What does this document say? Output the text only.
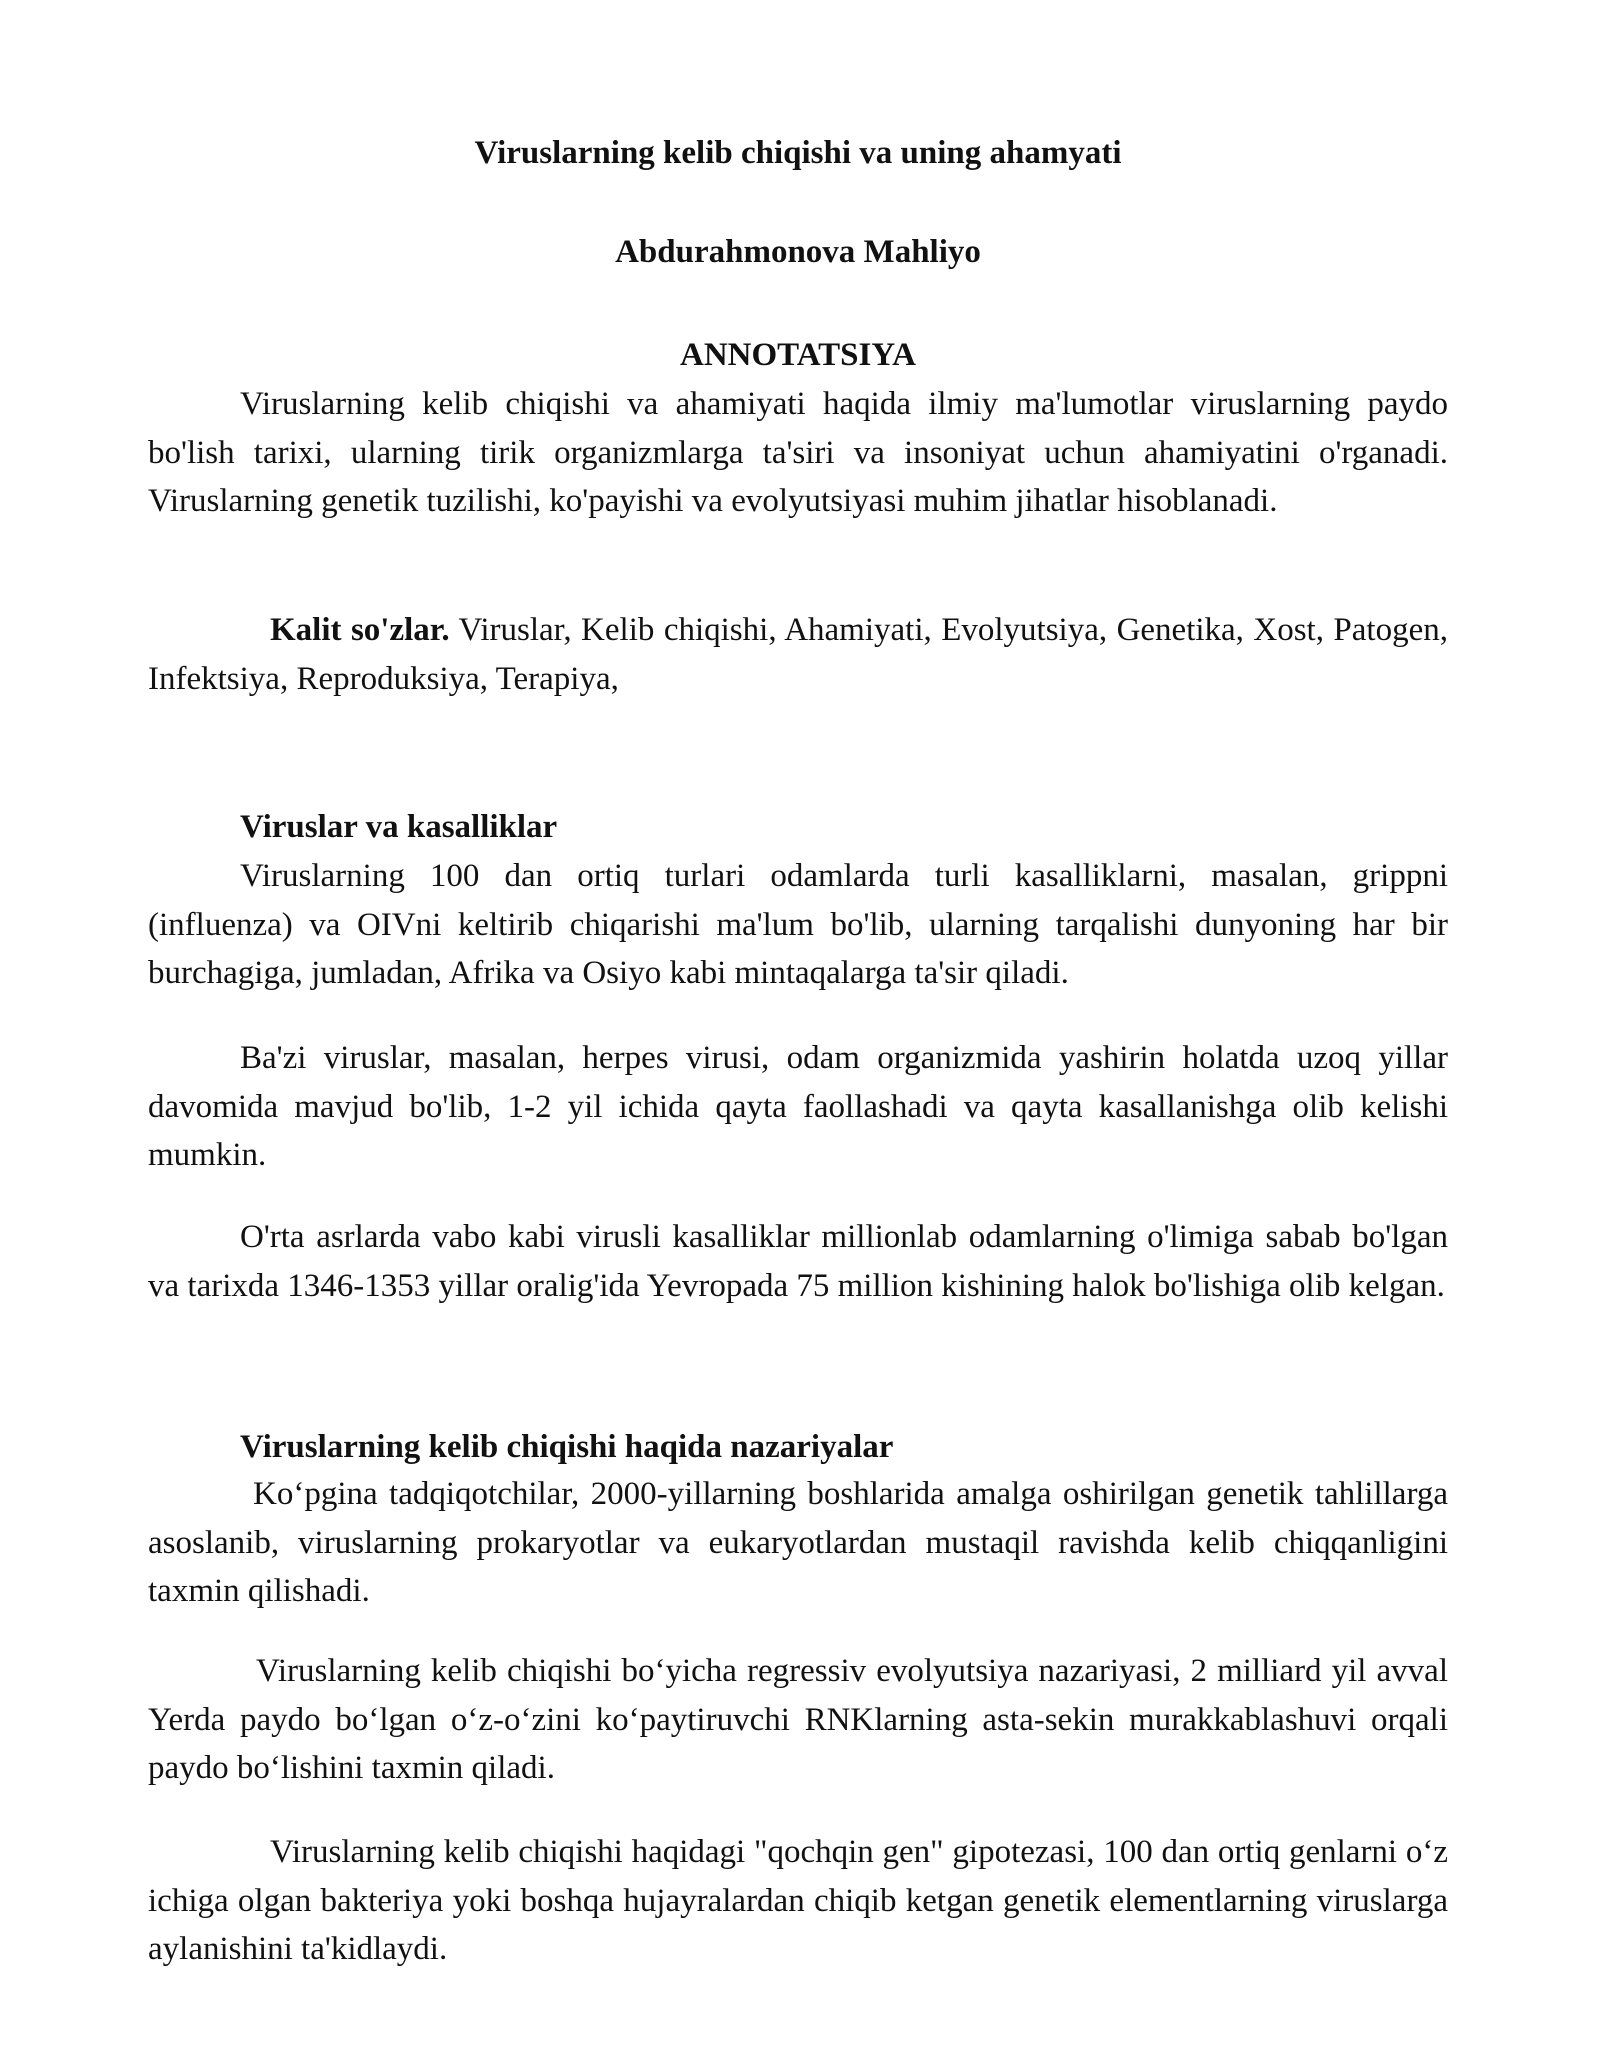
Viruslarning kelib chiqishi va uning ahamyati

Abdurahmonova Mahliyo

ANNOTATSIYA

Viruslarning kelib chiqishi va ahamiyati haqida ilmiy ma'lumotlar viruslarning paydo bo'lish tarixi, ularning tirik organizmlarga ta'siri va insoniyat uchun ahamiyatini o'rganadi. Viruslarning genetik tuzilishi, ko'payishi va evolyutsiyasi muhim jihatlar hisoblanadi.

Kalit so'zlar. Viruslar, Kelib chiqishi, Ahamiyati, Evolyutsiya, Genetika, Xost, Patogen, Infektsiya, Reproduksiya, Terapiya,

Viruslar va kasalliklar

Viruslarning 100 dan ortiq turlari odamlarda turli kasalliklarni, masalan, grippni (influenza) va OIVni keltirib chiqarishi ma'lum bo'lib, ularning tarqalishi dunyoning har bir burchagiga, jumladan, Afrika va Osiyo kabi mintaqalarga ta'sir qiladi.

Ba'zi viruslar, masalan, herpes virusi, odam organizmida yashirin holatda uzoq yillar davomida mavjud bo'lib, 1-2 yil ichida qayta faollashadi va qayta kasallanishga olib kelishi mumkin.

O'rta asrlarda vabo kabi virusli kasalliklar millionlab odamlarning o'limiga sabab bo'lgan va tarixda 1346-1353 yillar oralig'ida Yevropada 75 million kishining halok bo'lishiga olib kelgan.

Viruslarning kelib chiqishi haqida nazariyalar

Ko‘pgina tadqiqotchilar, 2000-yillarning boshlarida amalga oshirilgan genetik tahlillarga asoslanib, viruslarning prokaryotlar va eukaryotlardan mustaqil ravishda kelib chiqqanligini taxmin qilishadi.

Viruslarning kelib chiqishi bo‘yicha regressiv evolyutsiya nazariyasi, 2 milliard yil avval Yerda paydo bo‘lgan o‘z-o‘zini ko‘paytiruvchi RNKlarning asta-sekin murakkablashuvi orqali paydo bo‘lishini taxmin qiladi.

Viruslarning kelib chiqishi haqidagi "qochqin gen" gipotezasi, 100 dan ortiq genlarni o‘z ichiga olgan bakteriya yoki boshqa hujayralardan chiqib ketgan genetik elementlarning viruslarga aylanishini ta'kidlaydi.
